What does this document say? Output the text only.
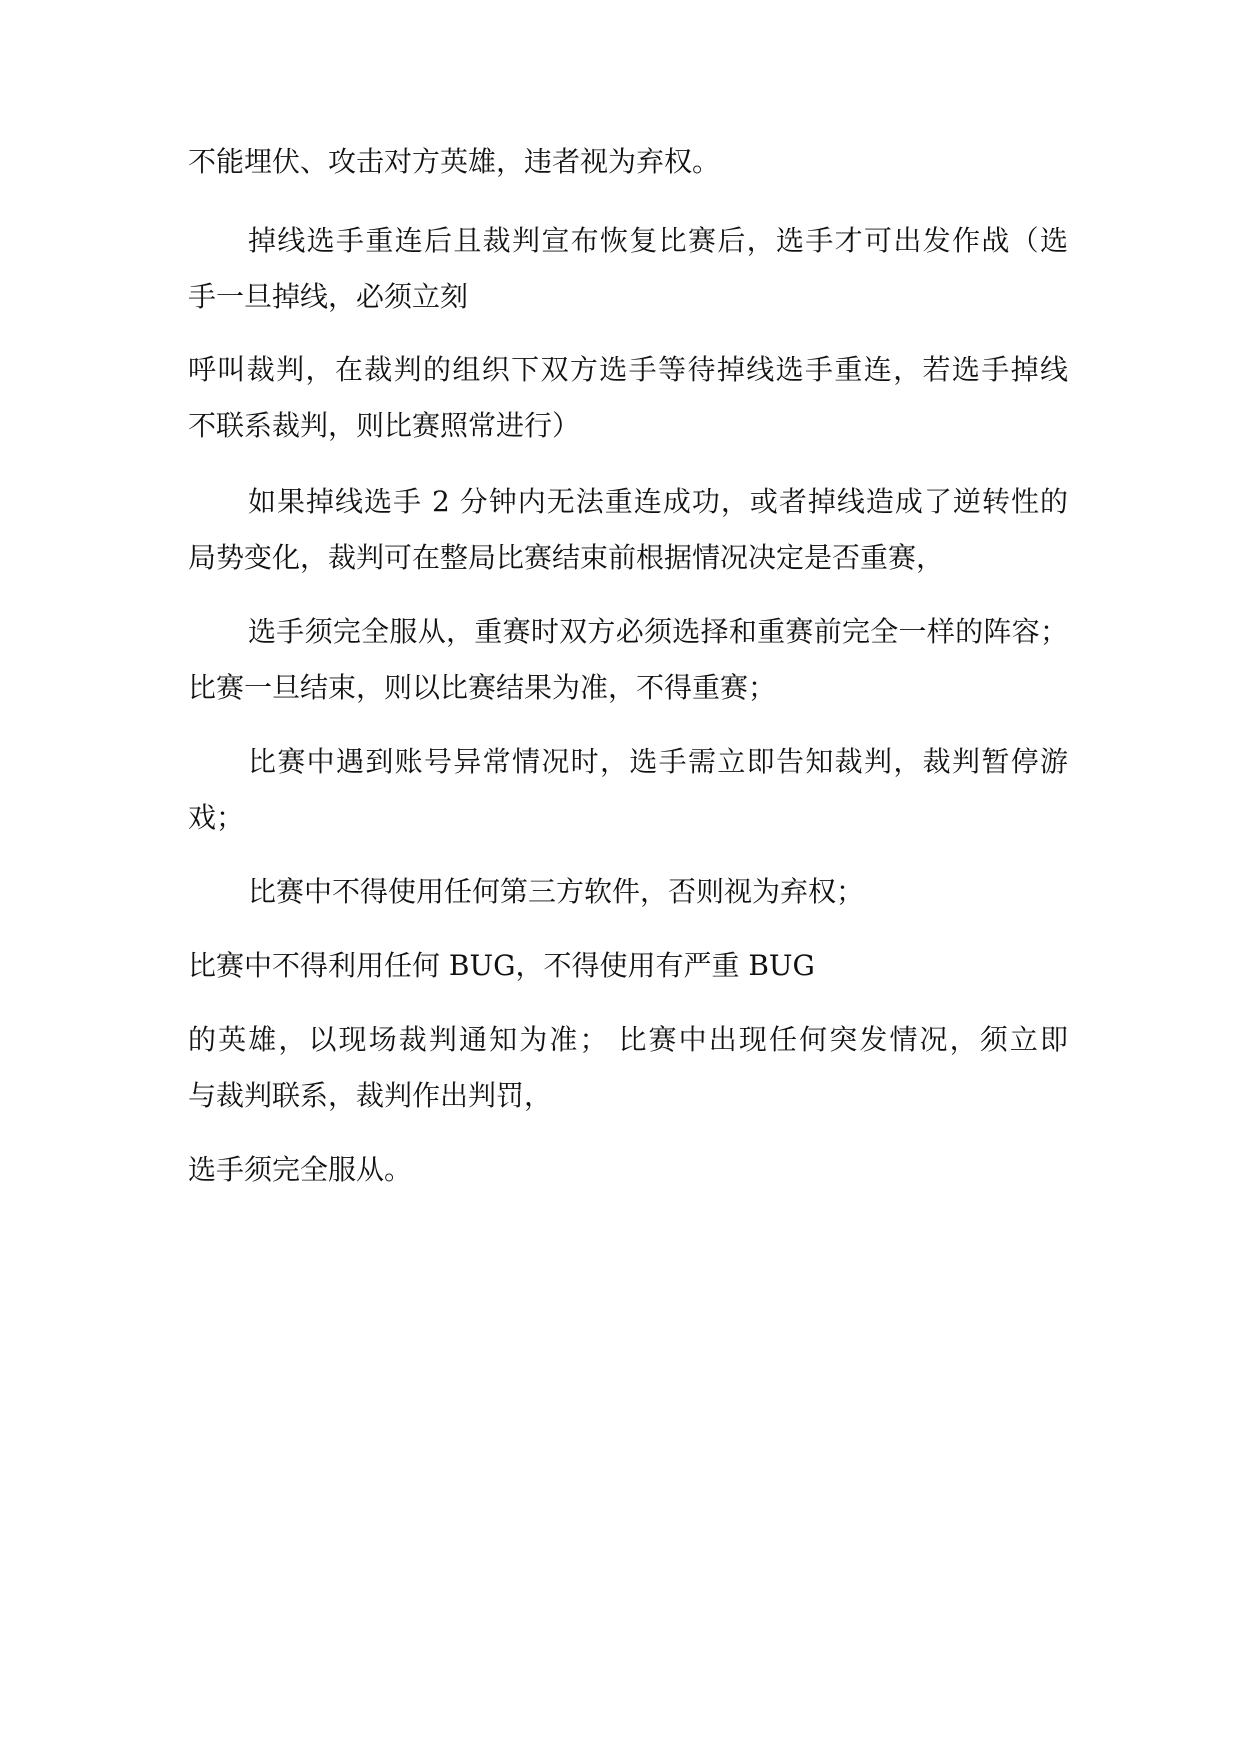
不能埋伏、攻击对方英雄，违者视为弃权。
掉线选手重连后且裁判宣布恢复比赛后，选手才可出发作战（选
手一旦掉线，必须立刻
呼叫裁判，在裁判的组织下双方选手等待掉线选手重连，若选手掉线
不联系裁判，则比赛照常进行）
如果掉线选手 2 分钟内无法重连成功，或者掉线造成了逆转性的
局势变化，裁判可在整局比赛结束前根据情况决定是否重赛，
选手须完全服从，重赛时双方必须选择和重赛前完全一样的阵容；
比赛一旦结束，则以比赛结果为准，不得重赛；
比赛中遇到账号异常情况时，选手需立即告知裁判，裁判暂停游
戏；
比赛中不得使用任何第三方软件，否则视为弃权；
比赛中不得利用任何 BUG，不得使用有严重 BUG
的英雄，以现场裁判通知为准； 比赛中出现任何突发情况，须立即
与裁判联系，裁判作出判罚，
选手须完全服从。
